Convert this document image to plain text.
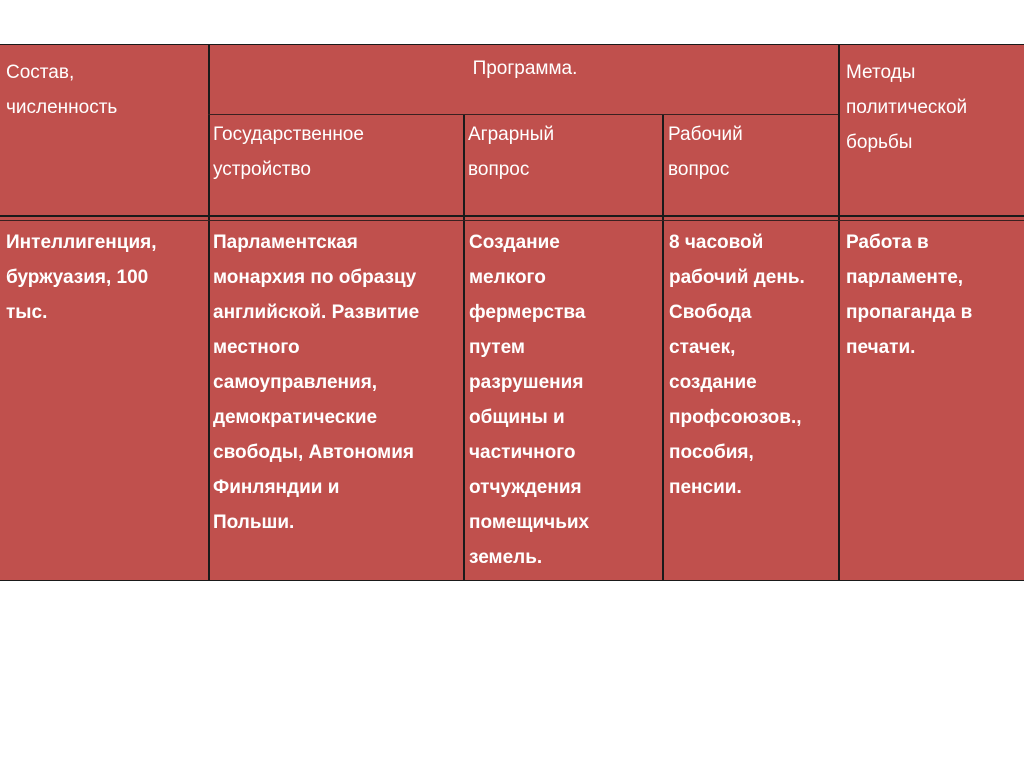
Состав,
численность
Программа.	Методы
политической
борьбы
Государственное
устройство
Аграрный
вопрос
Рабочий
вопрос
Интеллигенция,
буржуазия, 100
тыс.
Парламентская
монархия по образцу
английской. Развитие
местного
самоуправления,
демократические
свободы, Автономия
Финляндии и
Польши.
Создание
мелкого
фермерства
путем
разрушения
общины и
частичного
отчуждения
помещичьих
земель.
8 часовой
рабочий день.
Свобода
стачек,
создание
профсоюзов.,
пособия,
пенсии.
Работа в
парламенте,
пропаганда в
печати.
